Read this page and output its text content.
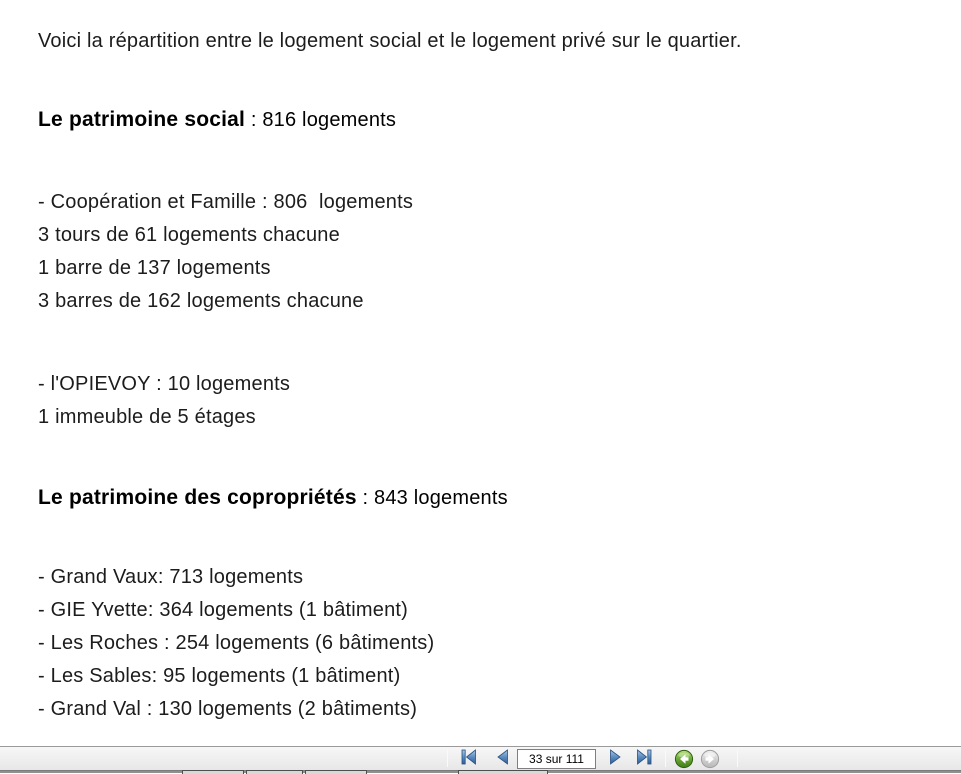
Voici la répartition entre le logement social et le logement privé sur le quartier.

Le patrimoine social : 816 logements

- Coopération et Famille : 806  logements

3 tours de 61 logements chacune

1 barre de 137 logements

3 barres de 162 logements chacune

- l'OPIEVOY : 10 logements

1 immeuble de 5 étages

Le patrimoine des copropriétés : 843 logements

- Grand Vaux: 713 logements

- GIE Yvette: 364 logements (1 bâtiment)

- Les Roches : 254 logements (6 bâtiments)

- Les Sables: 95 logements (1 bâtiment)

- Grand Val : 130 logements (2 bâtiments)

33 sur 111
